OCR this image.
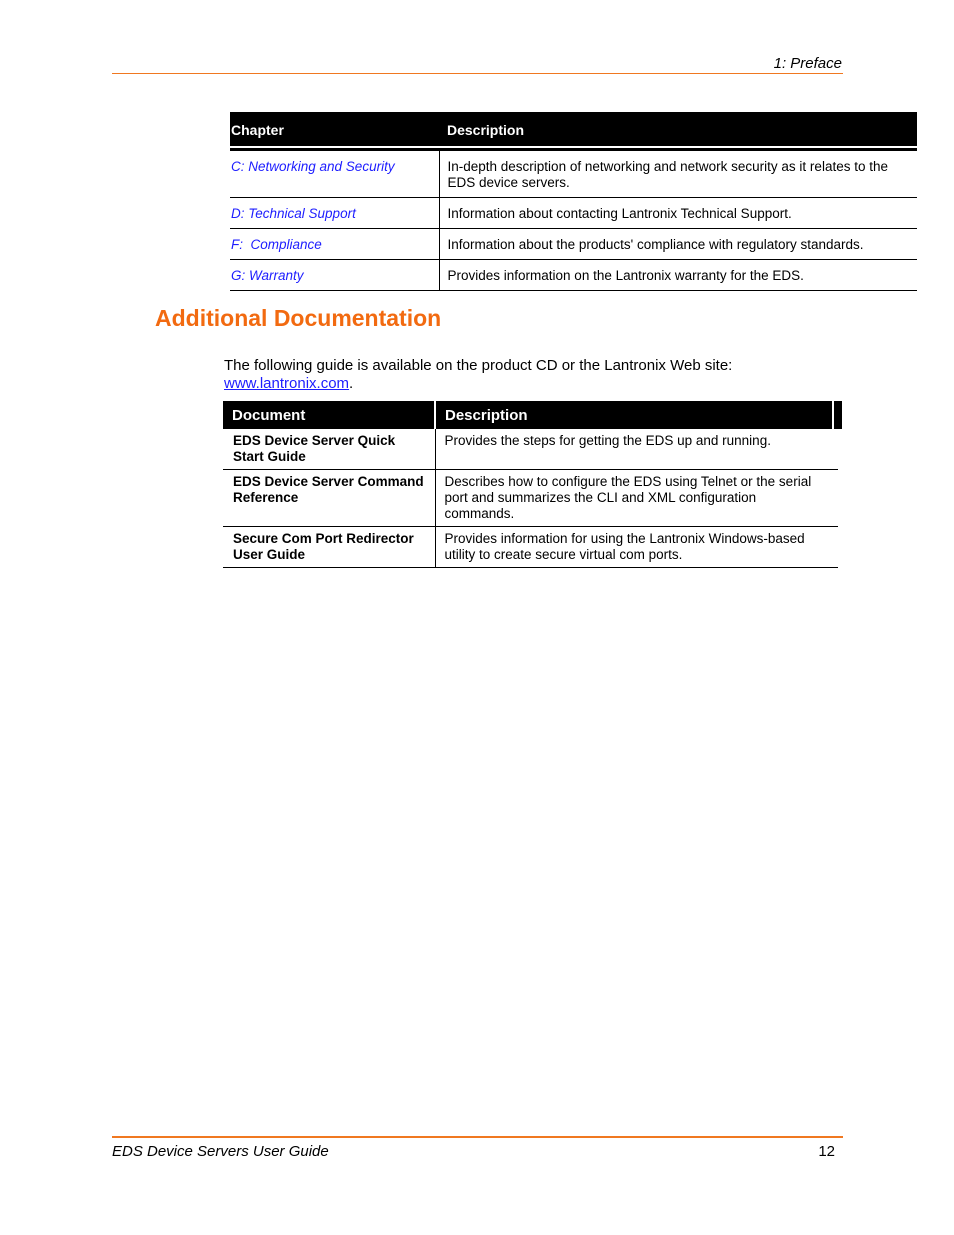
1: Preface
Chapter	Description
C: Networking and Security	In-depth description of networking and network security as it relates to the EDS device servers.
D: Technical Support	Information about contacting Lantronix Technical Support.
F:  Compliance	Information about the products' compliance with regulatory standards.
G: Warranty	Provides information on the Lantronix warranty for the EDS.
Additional Documentation
The following guide is available on the product CD or the Lantronix Web site:
www.lantronix.com.
Document	Description
EDS Device Server Quick Start Guide	Provides the steps for getting the EDS up and running.
EDS Device Server Command Reference	Describes how to configure the EDS using Telnet or the serial port and summarizes the CLI and XML configuration commands.
Secure Com Port Redirector User Guide	Provides information for using the Lantronix Windows-based utility to create secure virtual com ports.
EDS Device Servers User Guide	12
